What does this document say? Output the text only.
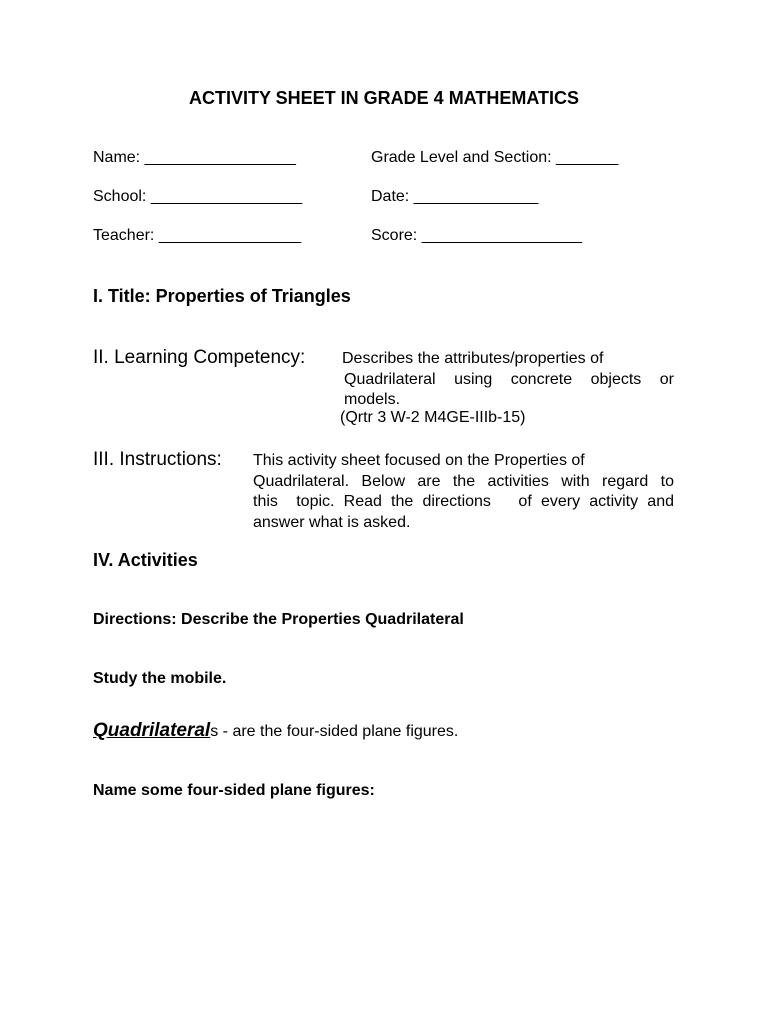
ACTIVITY SHEET IN GRADE 4 MATHEMATICS
Name: _________________	Grade Level and Section: _______
School: _________________	Date: ______________
Teacher: ________________	Score: __________________
I. Title: Properties of Triangles
II. Learning Competency: Describes the attributes/properties of
Quadrilateral using concrete objects or
models.
(Qrtr 3 W-2 M4GE-IIIb-15)
III. Instructions: This activity sheet focused on the Properties of
Quadrilateral. Below are the activities with regard to
this  topic. Read the directions   of every activity and
answer what is asked.
IV. Activities
Directions: Describe the Properties Quadrilateral
Study the mobile.
Quadrilaterals - are the four-sided plane figures.
Name some four-sided plane figures:
